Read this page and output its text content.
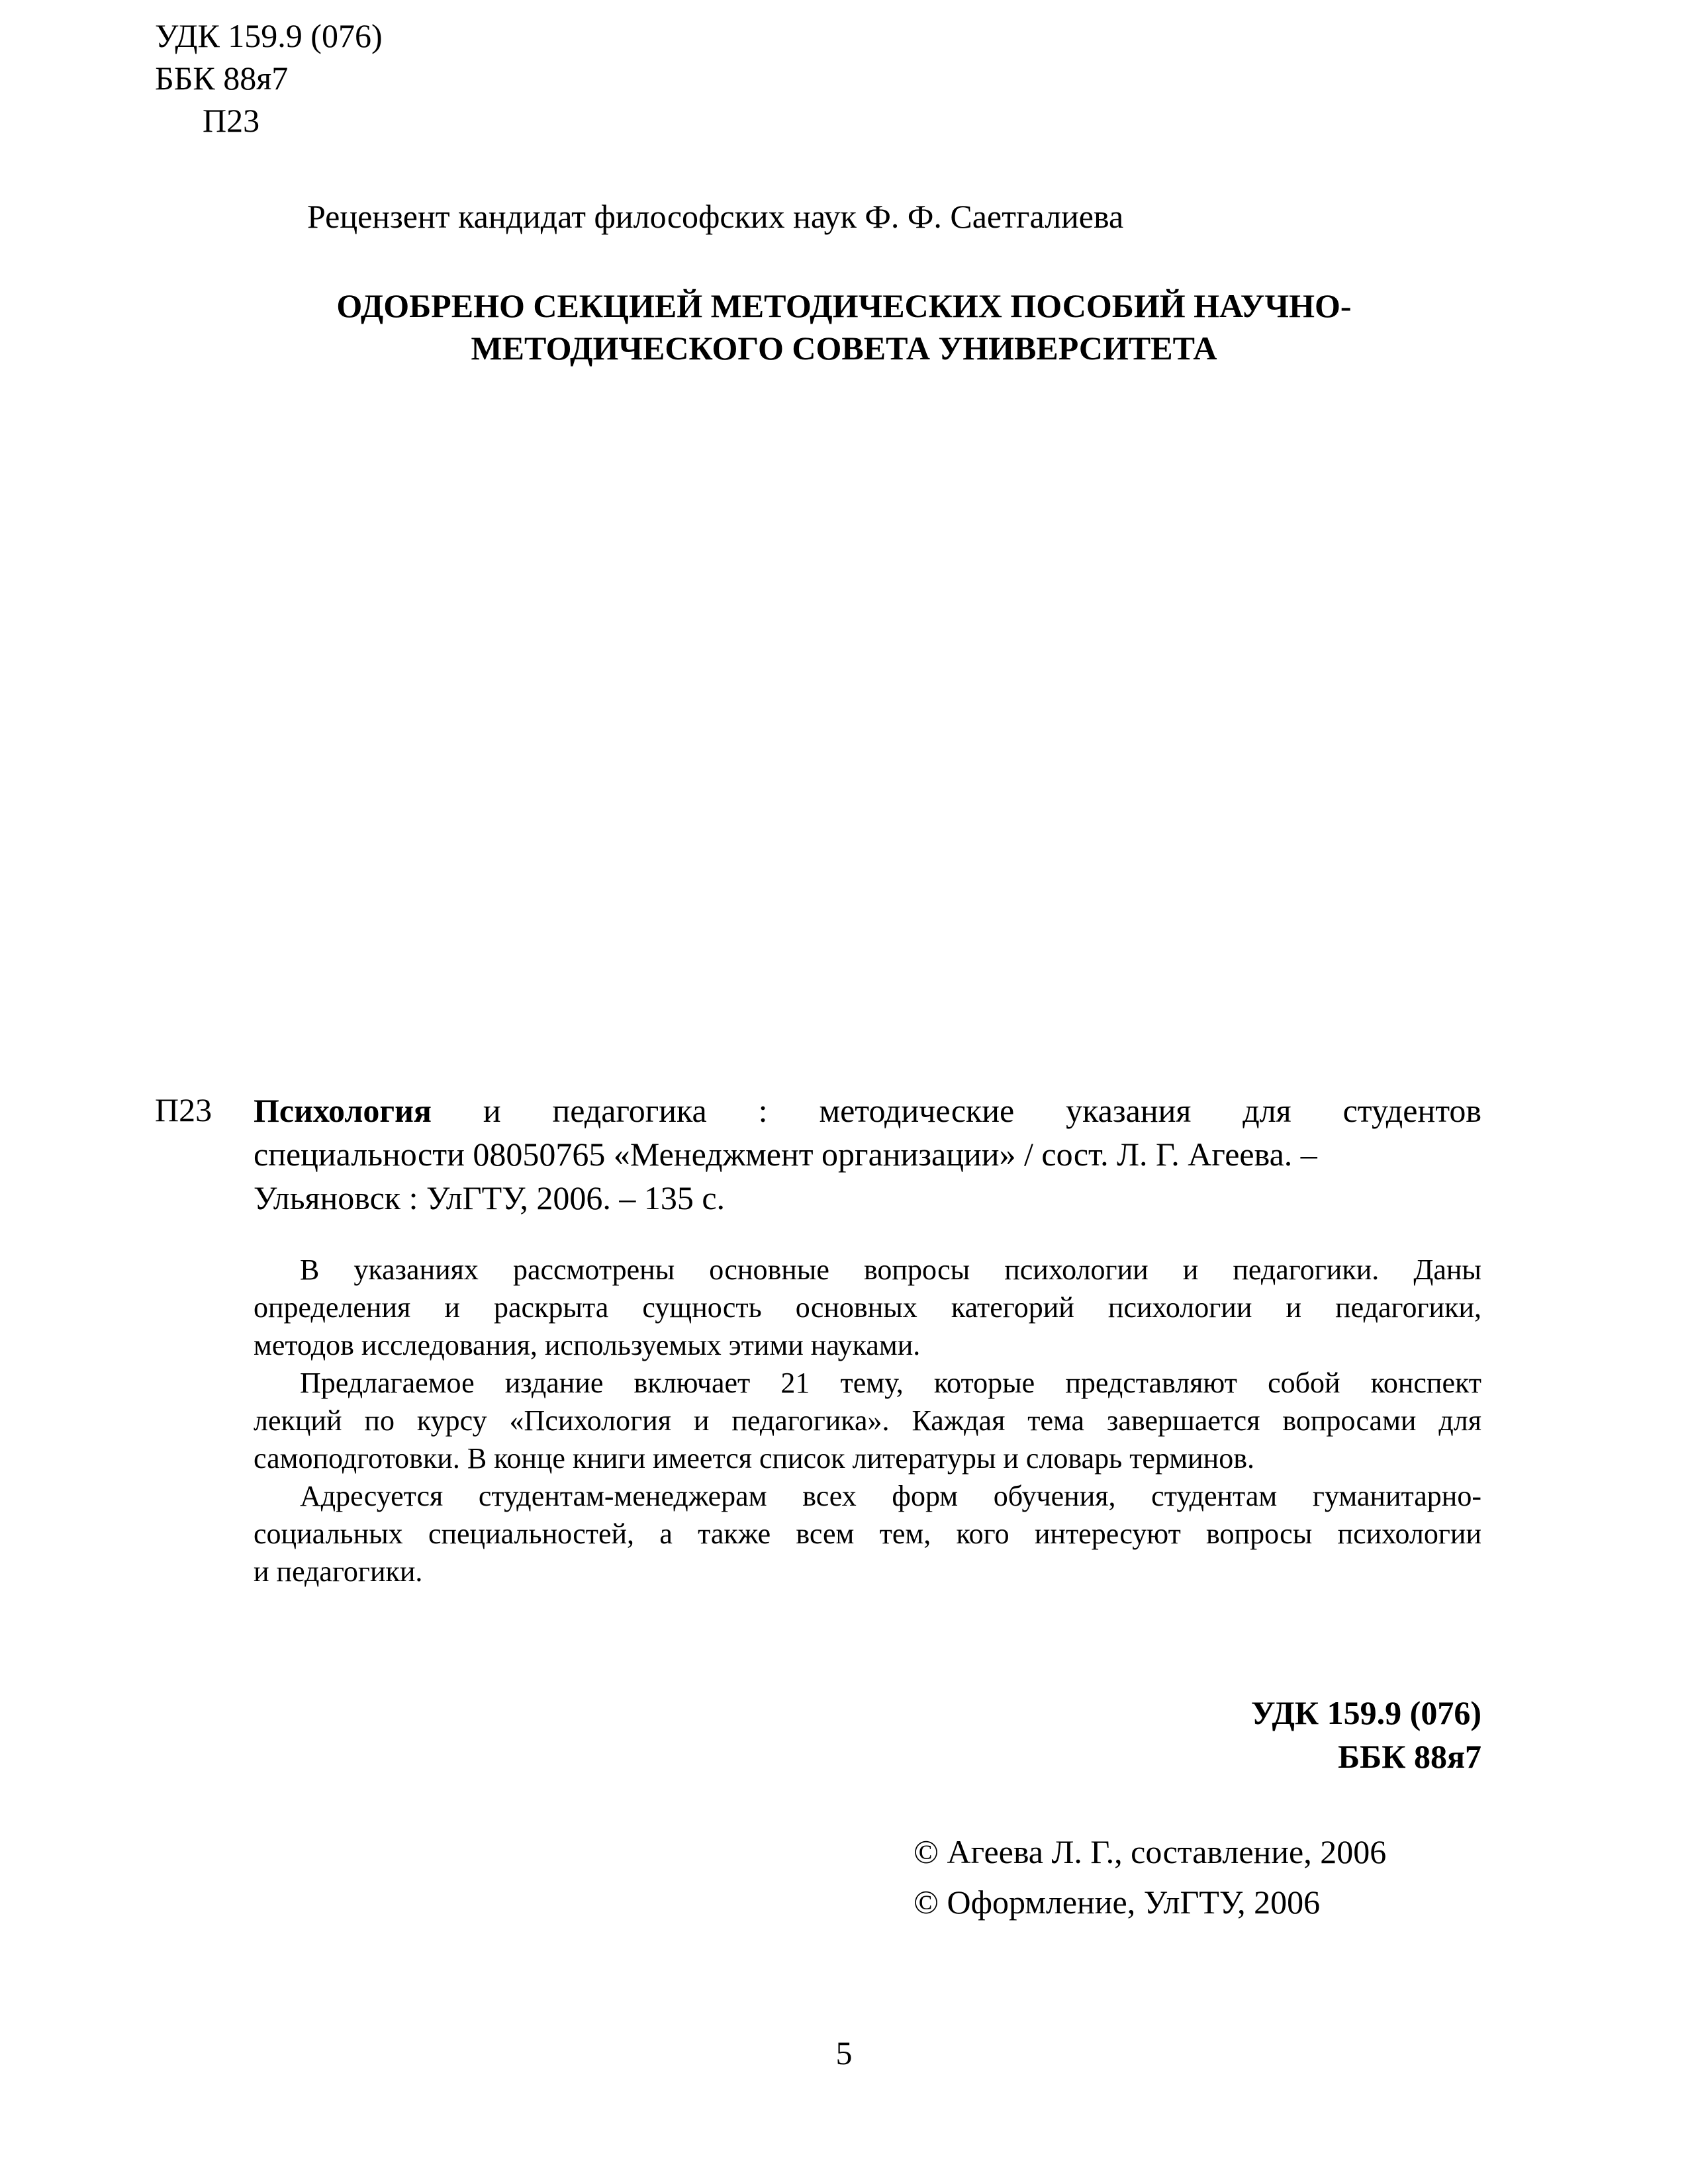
УДК 159.9 (076)
ББК 88я7
П23
Рецензент кандидат философских наук Ф. Ф. Саетгалиева
ОДОБРЕНО СЕКЦИЕЙ МЕТОДИЧЕСКИХ ПОСОБИЙ НАУЧНО-
МЕТОДИЧЕСКОГО СОВЕТА УНИВЕРСИТЕТА
П23 Психология и педагогика : методические указания для студентов
специальности 08050765 «Менеджмент организации» / сост. Л. Г. Агеева. –
Ульяновск : УлГТУ, 2006. – 135 с.

В указаниях рассмотрены основные вопросы психологии и педагогики. Даны
определения и раскрыта сущность основных категорий психологии и педагогики,
методов исследования, используемых этими науками.

Предлагаемое издание включает 21 тему, которые представляют собой конспект
лекций по курсу «Психология и педагогика». Каждая тема завершается вопросами для
самоподготовки. В конце книги имеется список литературы и словарь терминов.

Адресуется студентам-менеджерам всех форм обучения, студентам гуманитарно-
социальных специальностей, а также всем тем, кого интересуют вопросы психологии
и педагогики.

УДК 159.9 (076)
ББК 88я7
© Агеева Л. Г., составление, 2006
© Оформление, УлГТУ, 2006
5
